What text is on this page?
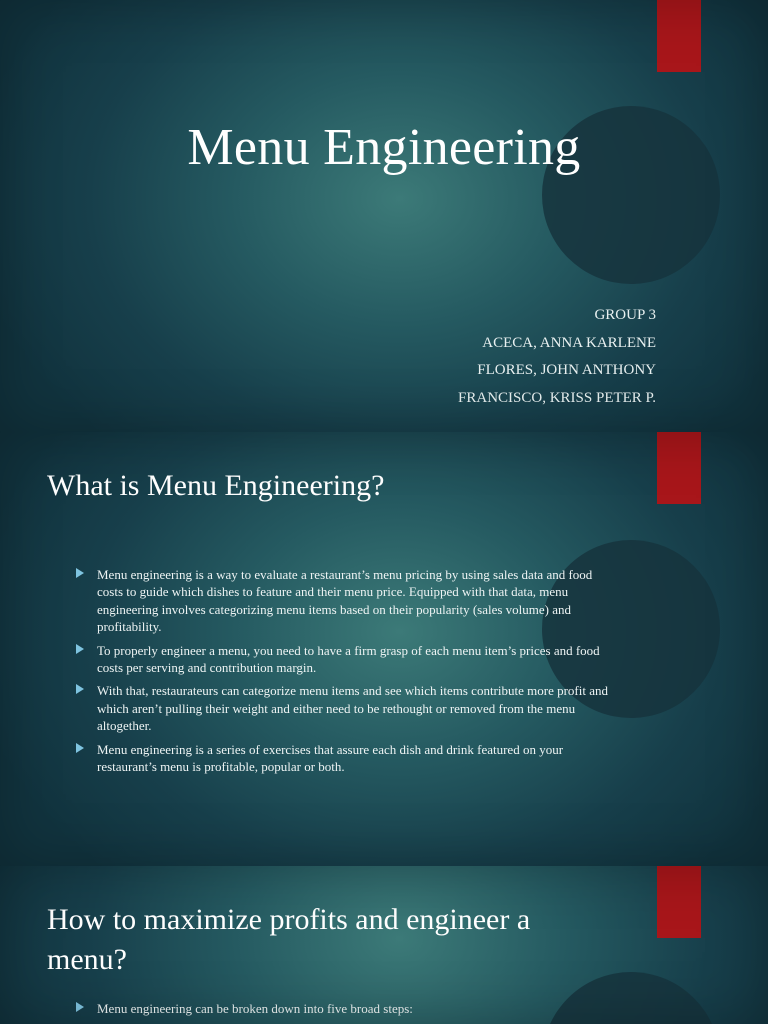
Menu Engineering
GROUP 3
ACECA, ANNA KARLENE
FLORES, JOHN ANTHONY
FRANCISCO, KRISS PETER P.
What is Menu Engineering?
Menu engineering is a way to evaluate a restaurant’s menu pricing by using sales data and food costs to guide which dishes to feature and their menu price. Equipped with that data, menu engineering involves categorizing menu items based on their popularity (sales volume) and profitability.
To properly engineer a menu, you need to have a firm grasp of each menu item’s prices and food costs per serving and contribution margin.
With that, restaurateurs can categorize menu items and see which items contribute more profit and which aren’t pulling their weight and either need to be rethought or removed from the menu altogether.
Menu engineering is a series of exercises that assure each dish and drink featured on your restaurant’s menu is profitable, popular or both.
How to maximize profits and engineer a menu?
Menu engineering can be broken down into five broad steps:
